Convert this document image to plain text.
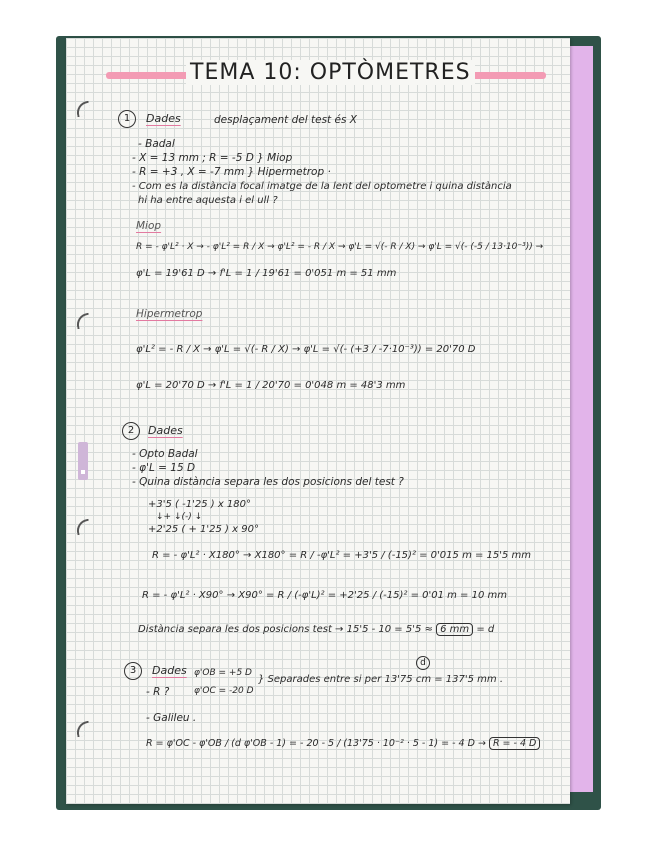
TEMA 10: OPTÒMETRES
1	Dades	desplaçament del test és X
- Badal
- X = 13 mm ; R = -5 D } Miop
- R = +3 , X = -7 mm } Hipermetrop ·
- Com es la distància focal imatge de la lent del optometre i quina distància
hi ha entre aquesta i el ull ?
Miop
R = - φ'L² · X → - φ'L² = R / X → φ'L² = - R / X → φ'L = √(- R / X) → φ'L = √(- (-5 / 13·10⁻³)) →
φ'L = 19'61 D → f'L = 1 / 19'61 = 0'051 m = 51 mm
Hipermetrop
φ'L² = - R / X → φ'L = √(- R / X) → φ'L = √(- (+3 / -7·10⁻³)) = 20'70 D
φ'L = 20'70 D → f'L = 1 / 20'70 = 0'048 m = 48'3 mm
2	Dades
- Opto Badal
- φ'L = 15 D
- Quina distància separa les dos posicions del test ?
+3'5 ( -1'25 ) x 180°
↓+ ↓(-) ↓
+2'25 ( + 1'25 ) x 90°
R = - φ'L² · X180° → X180° = R / -φ'L² = +3'5 / (-15)² = 0'015 m = 15'5 mm
R = - φ'L² · X90° → X90° = R / (-φ'L)² = +2'25 / (-15)² = 0'01 m = 10 mm
Distància separa les dos posicions test → 15'5 - 10 = 5'5 ≈ 6 mm = d
3	Dades
d
φ'OB = +5 D
- R ?	φ'OC = -20 D
} Separades entre si per 13'75 cm = 137'5 mm .
- Galileu .
R = φ'OC - φ'OB / (d φ'OB - 1) = - 20 - 5 / (13'75 · 10⁻² · 5 - 1) = - 4 D → R = - 4 D
